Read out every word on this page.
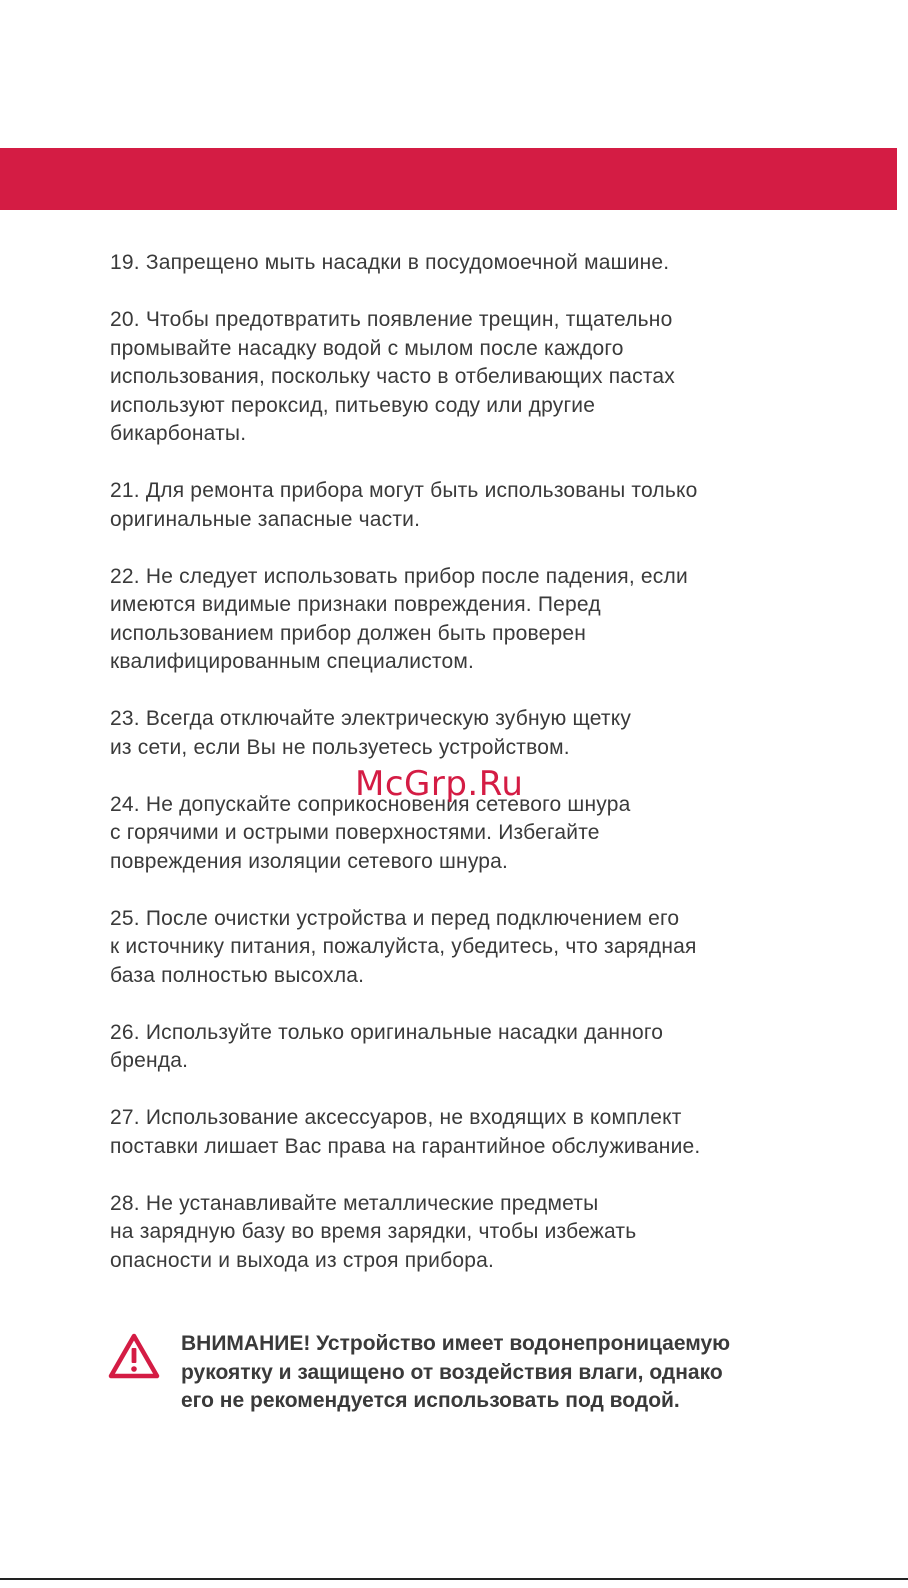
19. Запрещено мыть насадки в посудомоечной машине.

20. Чтобы предотвратить появление трещин, тщательно
промывайте насадку водой с мылом после каждого
использования, поскольку часто в отбеливающих пастах
используют пероксид, питьевую соду или другие
бикарбонаты.

21. Для ремонта прибора могут быть использованы только
оригинальные запасные части.

22. Не следует использовать прибор после падения, если
имеются видимые признаки повреждения. Перед
использованием прибор должен быть проверен
квалифицированным специалистом.

23. Всегда отключайте электрическую зубную щетку
из сети, если Вы не пользуетесь устройством.

24. Не допускайте соприкосновения сетевого шнура
с горячими и острыми поверхностями. Избегайте
повреждения изоляции сетевого шнура.

25. После очистки устройства и перед подключением его
к источнику питания, пожалуйста, убедитесь, что зарядная
база полностью высохла.

26. Используйте только оригинальные насадки данного
бренда.

27. Использование аксессуаров, не входящих в комплект
поставки лишает Вас права на гарантийное обслуживание.

28. Не устанавливайте металлические предметы
на зарядную базу во время зарядки, чтобы избежать
опасности и выхода из строя прибора.

McGrp.Ru
ВНИМАНИЕ! Устройство имеет водонепроницаемую
рукоятку и защищено от воздействия влаги, однако
его не рекомендуется использовать под водой.
